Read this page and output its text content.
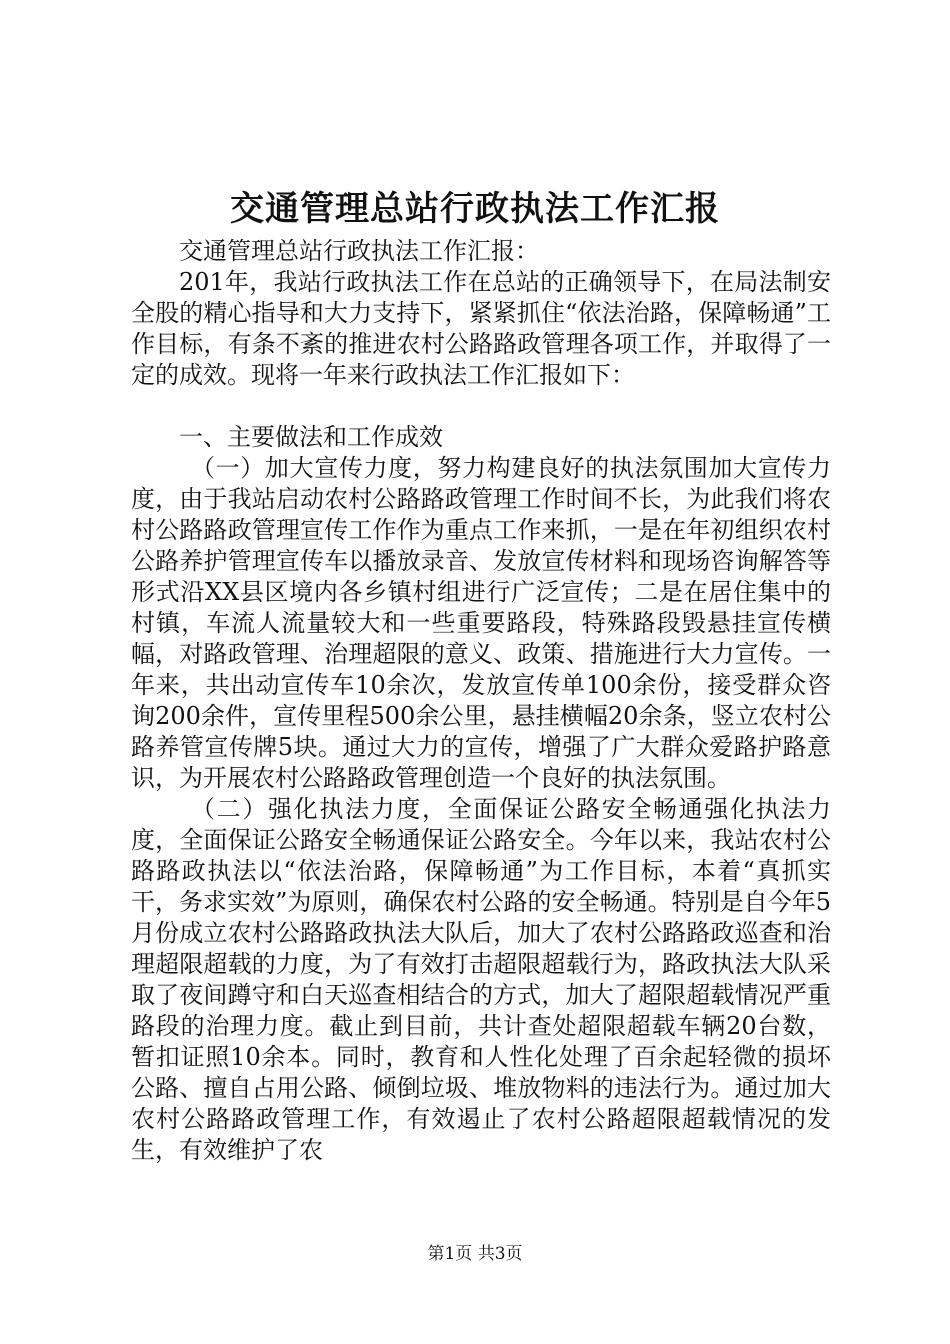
交通管理总站行政执法工作汇报

交通管理总站行政执法工作汇报：

201年，我站行政执法工作在总站的正确领导下，在局法制安全股的精心指导和大力支持下，紧紧抓住“依法治路，保障畅通”工作目标，有条不紊的推进农村公路路政管理各项工作，并取得了一定的成效。现将一年来行政执法工作汇报如下：

一、主要做法和工作成效

（一）加大宣传力度，努力构建良好的执法氛围加大宣传力度，由于我站启动农村公路路政管理工作时间不长，为此我们将农村公路路政管理宣传工作作为重点工作来抓，一是在年初组织农村公路养护管理宣传车以播放录音、发放宣传材料和现场咨询解答等形式沿XX县区境内各乡镇村组进行广泛宣传；二是在居住集中的村镇，车流人流量较大和一些重要路段，特殊路段毁悬挂宣传横幅，对路政管理、治理超限的意义、政策、措施进行大力宣传。一年来，共出动宣传车10余次，发放宣传单100余份，接受群众咨询200余件，宣传里程500余公里，悬挂横幅20余条，竖立农村公路养管宣传牌5块。通过大力的宣传，增强了广大群众爱路护路意识，为开展农村公路路政管理创造一个良好的执法氛围。

（二）强化执法力度，全面保证公路安全畅通强化执法力度，全面保证公路安全畅通保证公路安全。今年以来，我站农村公路路政执法以“依法治路，保障畅通”为工作目标，本着“真抓实干，务求实效”为原则，确保农村公路的安全畅通。特别是自今年5月份成立农村公路路政执法大队后，加大了农村公路路政巡查和治理超限超载的力度，为了有效打击超限超载行为，路政执法大队采取了夜间蹲守和白天巡查相结合的方式，加大了超限超载情况严重路段的治理力度。截止到目前，共计查处超限超载车辆20台数，暂扣证照10余本。同时，教育和人性化处理了百余起轻微的损坏公路、擅自占用公路、倾倒垃圾、堆放物料的违法行为。通过加大农村公路路政管理工作，有效遏止了农村公路超限超载情况的发生，有效维护了农

第1页 共3页
